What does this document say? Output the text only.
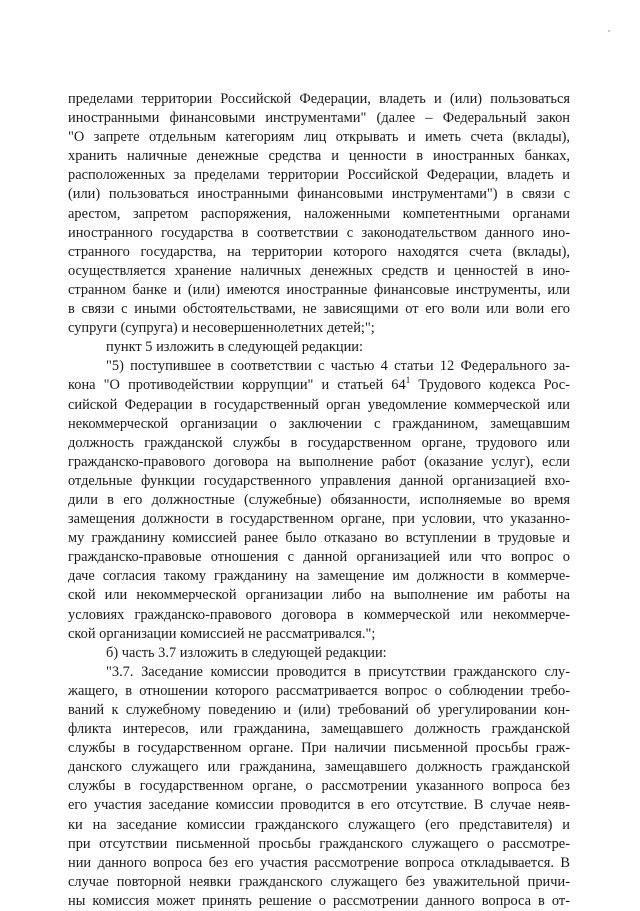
пределами территории Российской Федерации, владеть и (или) пользоваться
иностранными финансовыми инструментами" (далее – Федеральный закон
"О запрете отдельным категориям лиц открывать и иметь счета (вклады),
хранить наличные денежные средства и ценности в иностранных банках,
расположенных за пределами территории Российской Федерации, владеть и
(или) пользоваться иностранными финансовыми инструментами") в связи с
арестом, запретом распоряжения, наложенными компетентными органами
иностранного государства в соответствии с законодательством данного ино-
странного государства, на территории которого находятся счета (вклады),
осуществляется хранение наличных денежных средств и ценностей в ино-
странном банке и (или) имеются иностранные финансовые инструменты, или
в связи с иными обстоятельствами, не зависящими от его воли или воли его
супруги (супруга) и несовершеннолетних детей;";
пункт 5 изложить в следующей редакции:
"5) поступившее в соответствии с частью 4 статьи 12 Федерального за-
кона "О противодействии коррупции" и статьей $64^1$ Трудового кодекса Рос-
сийской Федерации в государственный орган уведомление коммерческой или
некоммерческой организации о заключении с гражданином, замещавшим
должность гражданской службы в государственном органе, трудового или
гражданско-правового договора на выполнение работ (оказание услуг), если
отдельные функции государственного управления данной организацией вхо-
дили в его должностные (служебные) обязанности, исполняемые во время
замещения должности в государственном органе, при условии, что указанно-
му гражданину комиссией ранее было отказано во вступлении в трудовые и
гражданско-правовые отношения с данной организацией или что вопрос о
даче согласия такому гражданину на замещение им должности в коммерче-
ской или некоммерческой организации либо на выполнение им работы на
условиях гражданско-правового договора в коммерческой или некоммерче-
ской организации комиссией не рассматривался.";
б) часть 3.7 изложить в следующей редакции:
"3.7. Заседание комиссии проводится в присутствии гражданского слу-
жащего, в отношении которого рассматривается вопрос о соблюдении требо-
ваний к служебному поведению и (или) требований об урегулировании кон-
фликта интересов, или гражданина, замещавшего должность гражданской
службы в государственном органе. При наличии письменной просьбы граж-
данского служащего или гражданина, замещавшего должность гражданской
службы в государственном органе, о рассмотрении указанного вопроса без
его участия заседание комиссии проводится в его отсутствие. В случае неяв-
ки на заседание комиссии гражданского служащего (его представителя) и
при отсутствии письменной просьбы гражданского служащего о рассмотре-
нии данного вопроса без его участия рассмотрение вопроса откладывается. В
случае повторной неявки гражданского служащего без уважительной причи-
ны комиссия может принять решение о рассмотрении данного вопроса в от-
